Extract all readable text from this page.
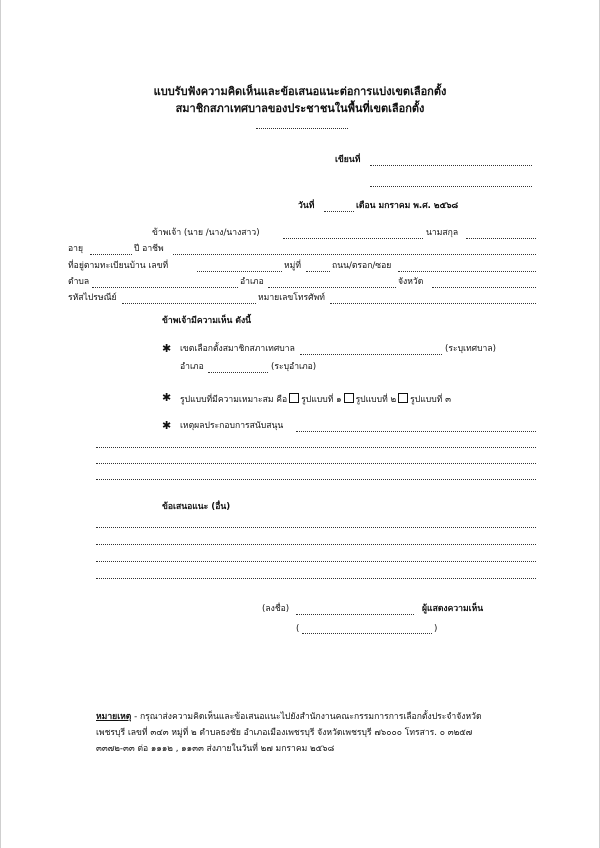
แบบรับฟังความคิดเห็นและข้อเสนอแนะต่อการแบ่งเขตเลือกตั้ง
สมาชิกสภาเทศบาลของประชาชนในพื้นที่เขตเลือกตั้ง
เขียนที่
วันที่	เดือน มกราคม พ.ศ. ๒๕๖๘
ข้าพเจ้า (นาย /นาง/นางสาว)	นามสกุล
อายุ	ปี อาชีพ
ที่อยู่ตามทะเบียนบ้าน เลขที่	หมู่ที่	ถนน/ตรอก/ซอย
ตำบล	อำเภอ	จังหวัด
รหัสไปรษณีย์	หมายเลขโทรศัพท์
ข้าพเจ้ามีความเห็น ดังนี้
✱ เขตเลือกตั้งสมาชิกสภาเทศบาล	(ระบุเทศบาล)
อำเภอ	(ระบุอำเภอ)
✱ รูปแบบที่มีความเหมาะสม คือ รูปแบบที่ ๑ รูปแบบที่ ๒ รูปแบบที่ ๓
✱ เหตุผลประกอบการสนับสนุน
ข้อเสนอแนะ (อื่น)
(ลงชื่อ)	ผู้แสดงความเห็น
(	)
หมายเหตุ - กรุณาส่งความคิดเห็นและข้อเสนอแนะไปยังสำนักงานคณะกรรมการการเลือกตั้งประจำจังหวัด
เพชรบุรี เลขที่ ๓๔๓ หมู่ที่ ๒ ตำบลธงชัย อำเภอเมืองเพชรบุรี จังหวัดเพชรบุรี ๗๖๐๐๐ โทรสาร. ๐ ๓๒๕๗
๓๓๗๒-๓๓ ต่อ ๑๑๑๒ , ๑๑๓๓ ส่งภายในวันที่ ๒๗ มกราคม ๒๕๖๘
